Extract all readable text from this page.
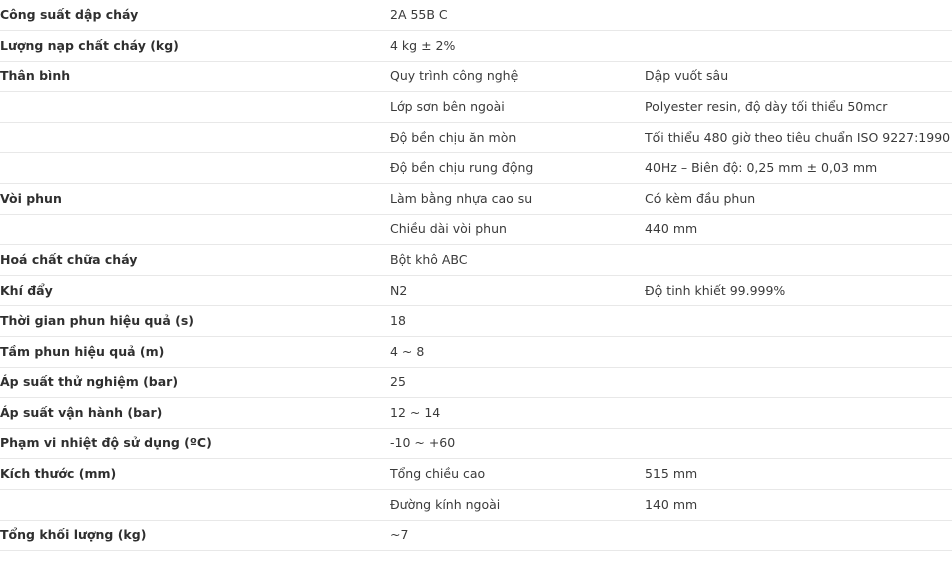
Công suất dập cháy	2A 55B C	
Lượng nạp chất cháy (kg)	4 kg ± 2%	
Thân bình	Quy trình công nghệ	Dập vuốt sâu
	Lớp sơn bên ngoài	Polyester resin, độ dày tối thiểu 50mcr
	Độ bền chịu ăn mòn	Tối thiểu 480 giờ theo tiêu chuẩn ISO 9227:1990
	Độ bền chịu rung động	40Hz – Biên độ: 0,25 mm ± 0,03 mm
Vòi phun	Làm bằng nhựa cao su	Có kèm đầu phun
	Chiều dài vòi phun	440 mm
Hoá chất chữa cháy	Bột khô ABC	
Khí đẩy	N2	Độ tinh khiết 99.999%
Thời gian phun hiệu quả (s)	18	
Tầm phun hiệu quả (m)	4 ~ 8	
Áp suất thử nghiệm (bar)	25	
Áp suất vận hành (bar)	12 ~ 14	
Phạm vi nhiệt độ sử dụng (ºC)	-10 ~ +60	
Kích thước (mm)	Tổng chiều cao	515 mm
	Đường kính ngoài	140 mm
Tổng khối lượng (kg)	~7	
